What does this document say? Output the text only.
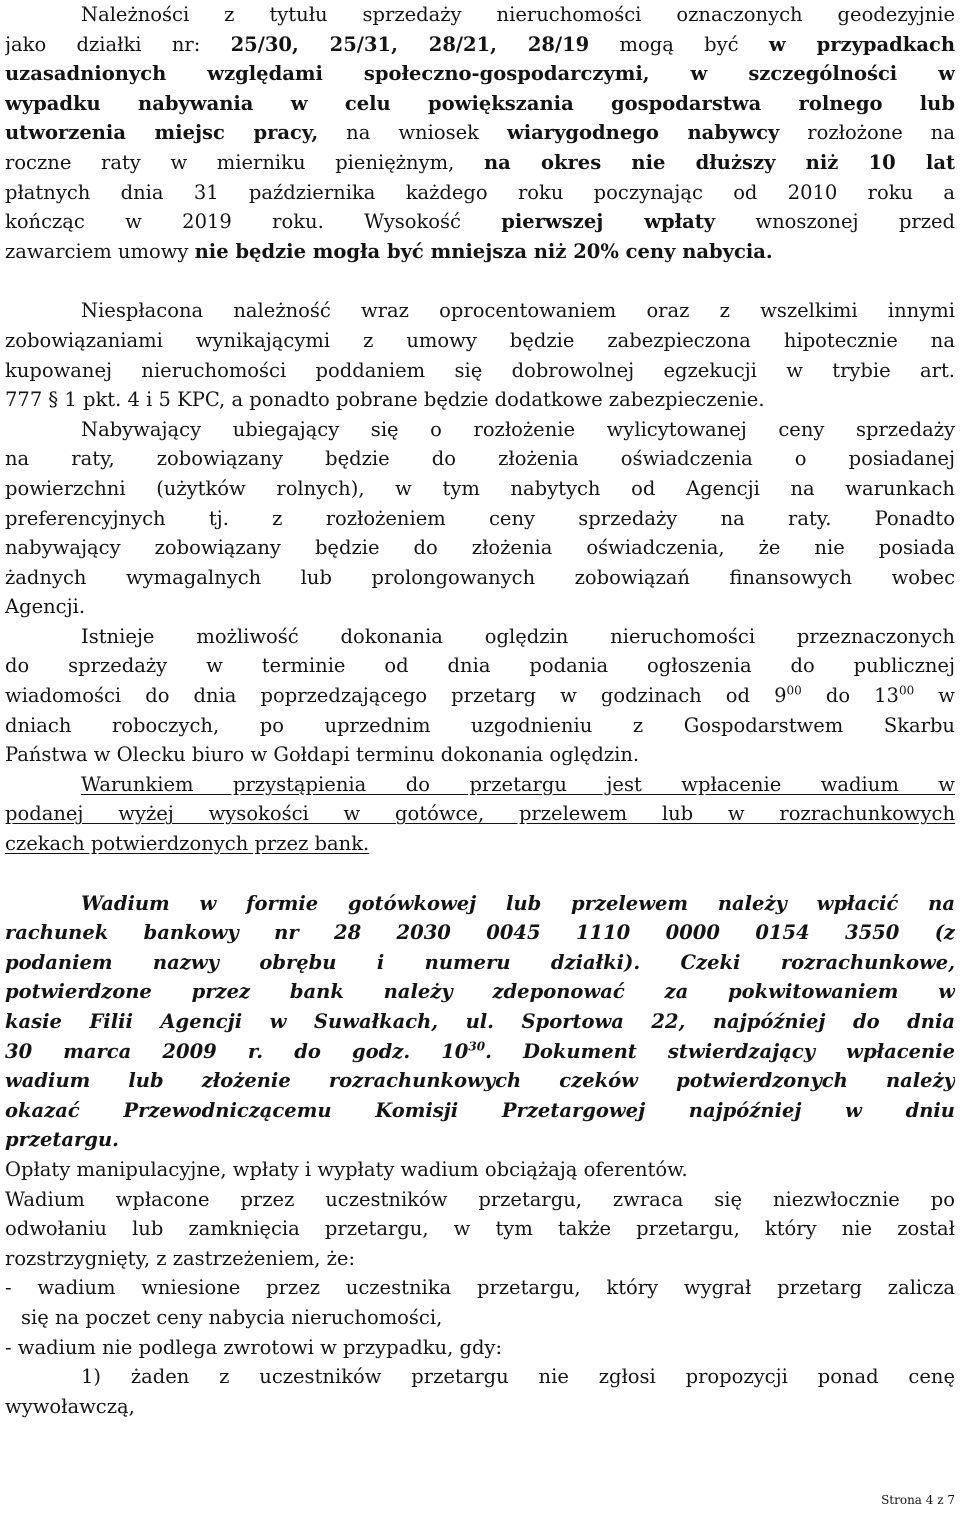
Należności z tytułu sprzedaży nieruchomości oznaczonych geodezyjnie
jako działki nr: 25/30, 25/31, 28/21, 28/19 mogą być w przypadkach
uzasadnionych względami społeczno-gospodarczymi, w szczególności w
wypadku nabywania w celu powiększania gospodarstwa rolnego lub
utworzenia miejsc pracy, na wniosek wiarygodnego nabywcy rozłożone na
roczne raty w mierniku pieniężnym, na okres nie dłuższy niż 10 lat
płatnych dnia 31 października każdego roku poczynając od 2010 roku a
kończąc w 2019 roku. Wysokość pierwszej wpłaty wnoszonej przed
zawarciem umowy nie będzie mogła być mniejsza niż 20% ceny nabycia.
Niespłacona należność wraz oprocentowaniem oraz z wszelkimi innymi
zobowiązaniami wynikającymi z umowy będzie zabezpieczona hipotecznie na
kupowanej nieruchomości poddaniem się dobrowolnej egzekucji w trybie art.
777 § 1 pkt. 4 i 5 KPC, a ponadto pobrane będzie dodatkowe zabezpieczenie.
Nabywający ubiegający się o rozłożenie wylicytowanej ceny sprzedaży
na raty, zobowiązany będzie do złożenia oświadczenia o posiadanej
powierzchni (użytków rolnych), w tym nabytych od Agencji na warunkach
preferencyjnych tj. z rozłożeniem ceny sprzedaży na raty. Ponadto
nabywający zobowiązany będzie do złożenia oświadczenia, że nie posiada
żadnych wymagalnych lub prolongowanych zobowiązań finansowych wobec
Agencji.
Istnieje możliwość dokonania oględzin nieruchomości przeznaczonych
do sprzedaży w terminie od dnia podania ogłoszenia do publicznej
wiadomości do dnia poprzedzającego przetarg w godzinach od $9^{00}$ do $13^{00}$ w
dniach roboczych, po uprzednim uzgodnieniu z Gospodarstwem Skarbu
Państwa w Olecku biuro w Gołdapi terminu dokonania oględzin.
Warunkiem przystąpienia do przetargu jest wpłacenie wadium w
podanej wyżej wysokości w gotówce, przelewem lub w rozrachunkowych
czekach potwierdzonych przez bank.
Wadium w formie gotówkowej lub przelewem należy wpłacić na
rachunek bankowy nr 28 2030 0045 1110 0000 0154 3550 (z
podaniem nazwy obrębu i numeru działki). Czeki rozrachunkowe,
potwierdzone przez bank należy zdeponować za pokwitowaniem w
kasie Filii Agencji w Suwałkach, ul. Sportowa 22, najpóźniej do dnia
30 marca 2009 r. do godz. $10^{30}$. Dokument stwierdzający wpłacenie
wadium lub złożenie rozrachunkowych czeków potwierdzonych należy
okazać Przewodniczącemu Komisji Przetargowej najpóźniej w dniu
przetargu.
Opłaty manipulacyjne, wpłaty i wypłaty wadium obciążają oferentów.
Wadium wpłacone przez uczestników przetargu, zwraca się niezwłocznie po
odwołaniu lub zamknięcia przetargu, w tym także przetargu, który nie został
rozstrzygnięty, z zastrzeżeniem, że:
- wadium wniesione przez uczestnika przetargu, który wygrał przetarg zalicza
się na poczet ceny nabycia nieruchomości,
- wadium nie podlega zwrotowi w przypadku, gdy:
1) żaden z uczestników przetargu nie zgłosi propozycji ponad cenę
wywoławczą,
Strona 4 z 7
